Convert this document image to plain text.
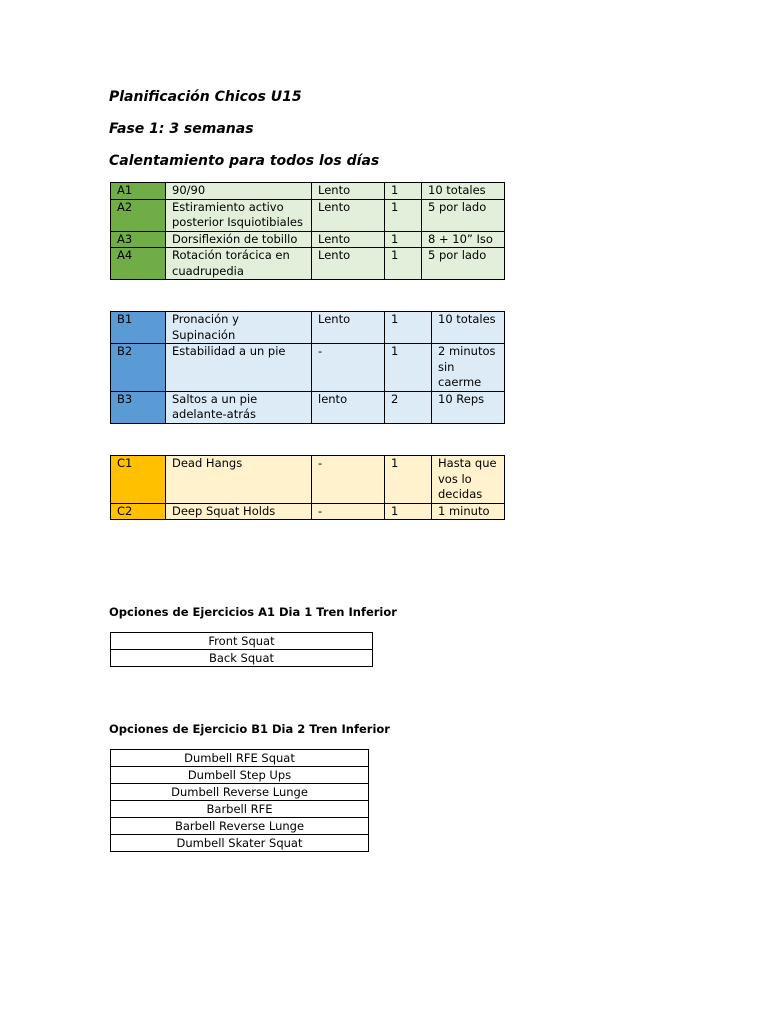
Planificación Chicos U15
Fase 1: 3 semanas
Calentamiento para todos los días
A1	90/90	Lento	1	10 totales
A2	Estiramiento activo posterior Isquiotibiales	Lento	1	5 por lado
A3	Dorsiflexión de tobillo	Lento	1	8 + 10” Iso
A4	Rotación torácica en cuadrupedia	Lento	1	5 por lado
B1	Pronación y Supinación	Lento	1	10 totales
B2	Estabilidad a un pie	-	1	2 minutos sin caerme
B3	Saltos a un pie adelante-atrás	lento	2	10 Reps
C1	Dead Hangs	-	1	Hasta que vos lo decidas
C2	Deep Squat Holds	-	1	1 minuto
Opciones de Ejercicios A1 Dia 1 Tren Inferior
Front Squat
Back Squat
Opciones de Ejercicio B1 Dia 2 Tren Inferior
Dumbell RFE Squat
Dumbell Step Ups
Dumbell Reverse Lunge
Barbell RFE
Barbell Reverse Lunge
Dumbell Skater Squat
